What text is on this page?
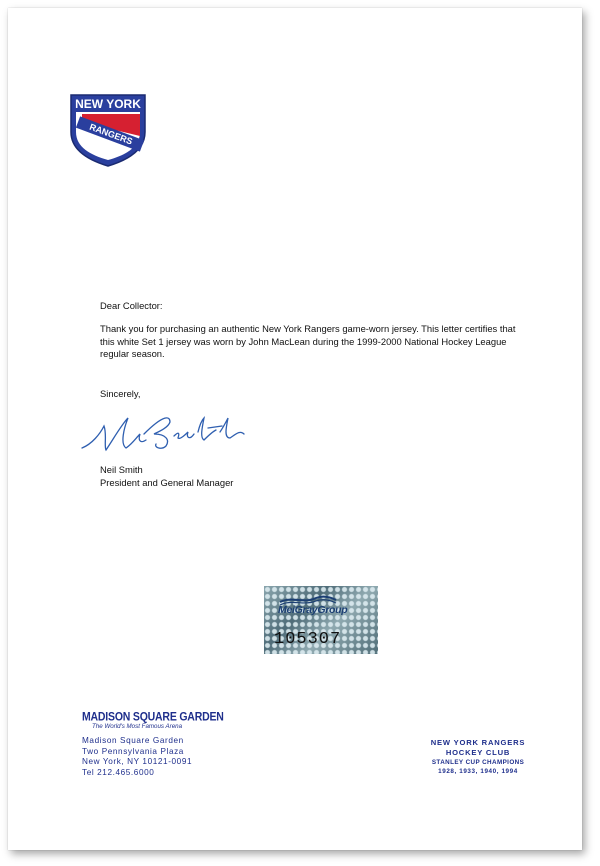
NEW YORK
RANGERS
Dear Collector:
Thank you for purchasing an authentic New York Rangers game-worn jersey. This letter certifies that this white Set 1 jersey was worn by John MacLean during the 1999-2000 National Hockey League regular season.
Sincerely,
Neil Smith
President and General Manager
MeiGrayGroup
105307
MADISON SQUARE GARDEN
The World's Most Famous Arena
Madison Square Garden
Two Pennsylvania Plaza
New York, NY 10121-0091
Tel 212.465.6000
NEW YORK RANGERS
HOCKEY CLUB
STANLEY CUP CHAMPIONS
1928, 1933, 1940, 1994
